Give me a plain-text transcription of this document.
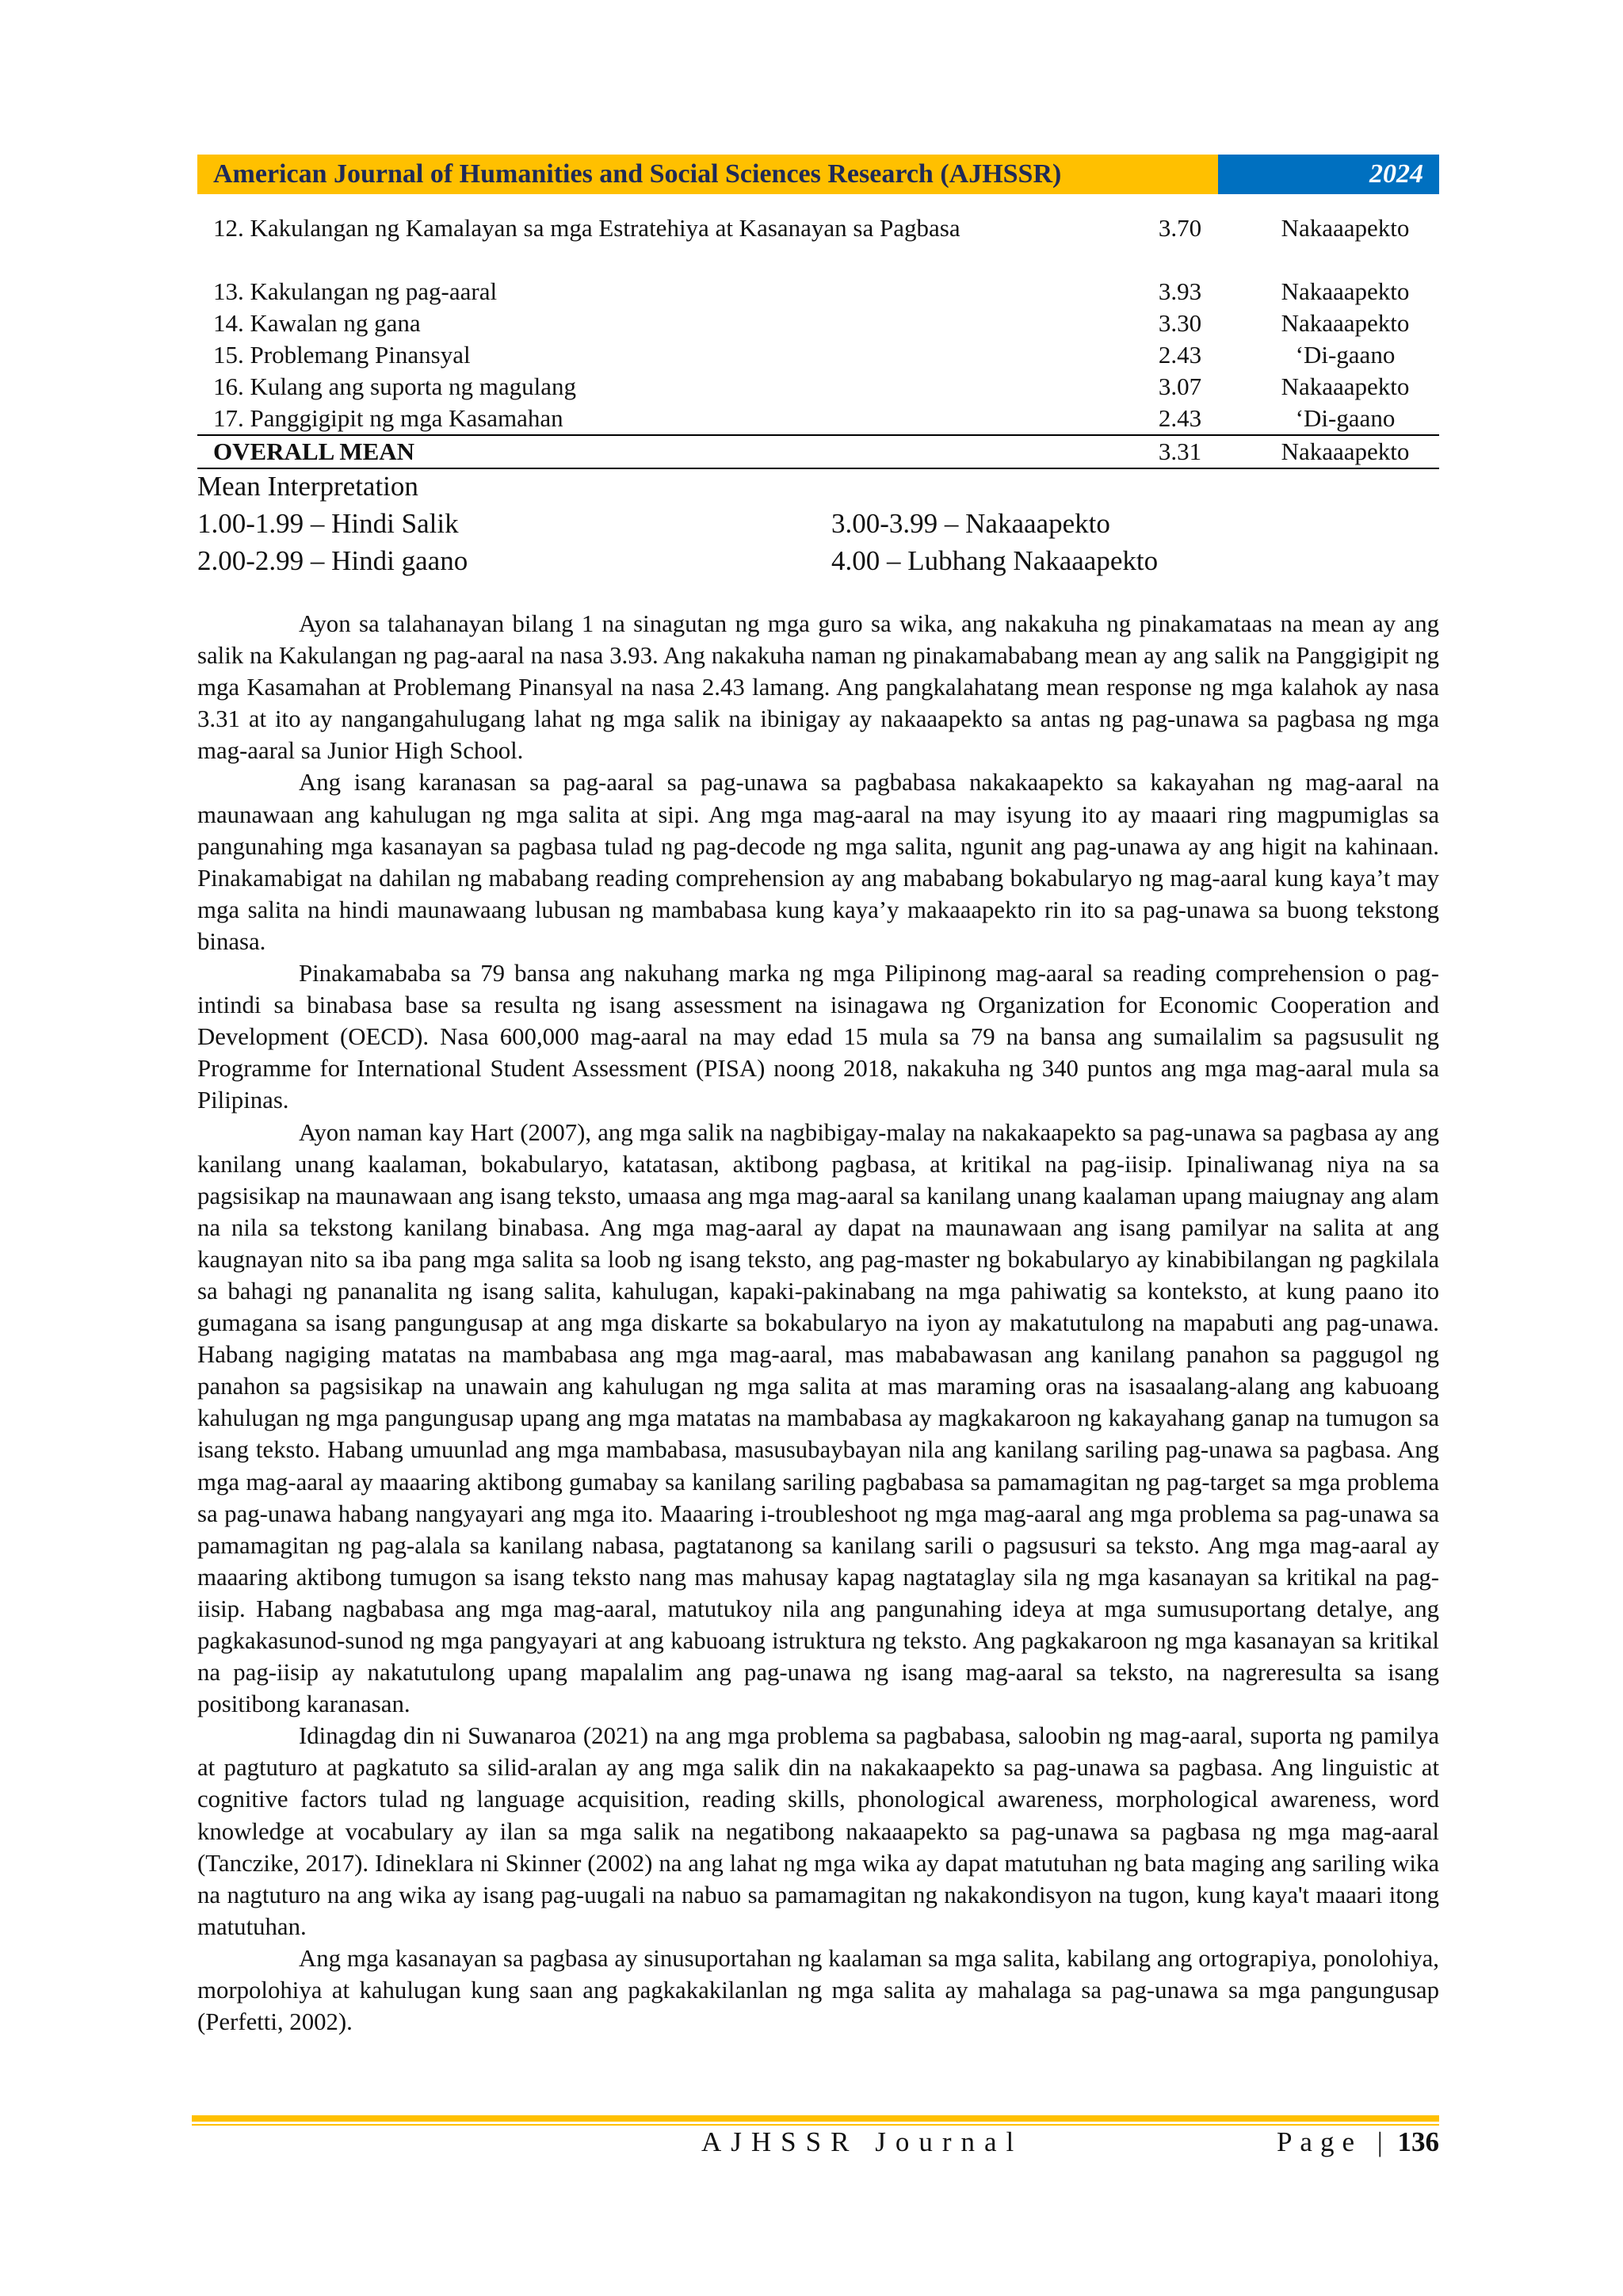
American Journal of Humanities and Social Sciences Research (AJHSSR)	2024
12. Kakulangan ng Kamalayan sa mga Estratehiya at Kasanayan sa Pagbasa	3.70	Nakaaapekto
13. Kakulangan ng pag-aaral	3.93	Nakaaapekto
14. Kawalan ng gana	3.30	Nakaaapekto
15. Problemang Pinansyal	2.43	‘Di-gaano
16. Kulang ang suporta ng magulang	3.07	Nakaaapekto
17. Panggigipit ng mga Kasamahan	2.43	‘Di-gaano
OVERALL MEAN	3.31	Nakaaapekto
Mean Interpretation
1.00-1.99 – Hindi Salik	3.00-3.99 – Nakaaapekto
2.00-2.99 – Hindi gaano	4.00 – Lubhang Nakaaapekto

Ayon sa talahanayan bilang 1 na sinagutan ng mga guro sa wika, ang nakakuha ng pinakamataas na mean ay ang salik na Kakulangan ng pag-aaral na nasa 3.93. Ang nakakuha naman ng pinakamababang mean ay ang salik na Panggigipit ng mga Kasamahan at Problemang Pinansyal na nasa 2.43 lamang. Ang pangkalahatang mean response ng mga kalahok ay nasa 3.31 at ito ay nangangahulugang lahat ng mga salik na ibinigay ay nakaaapekto sa antas ng pag-unawa sa pagbasa ng mga mag-aaral sa Junior High School.

Ang isang karanasan sa pag-aaral sa pag-unawa sa pagbabasa nakakaapekto sa kakayahan ng mag-aaral na maunawaan ang kahulugan ng mga salita at sipi. Ang mga mag-aaral na may isyung ito ay maaari ring magpumiglas sa pangunahing mga kasanayan sa pagbasa tulad ng pag-decode ng mga salita, ngunit ang pag-unawa ay ang higit na kahinaan. Pinakamabigat na dahilan ng mababang reading comprehension ay ang mababang bokabularyo ng mag-aaral kung kaya’t may mga salita na hindi maunawaang lubusan ng mambabasa kung kaya’y makaaapekto rin ito sa pag-unawa sa buong tekstong binasa.

Pinakamababa sa 79 bansa ang nakuhang marka ng mga Pilipinong mag-aaral sa reading comprehension o pag-intindi sa binabasa base sa resulta ng isang assessment na isinagawa ng Organization for Economic Cooperation and Development (OECD). Nasa 600,000 mag-aaral na may edad 15 mula sa 79 na bansa ang sumailalim sa pagsusulit ng Programme for International Student Assessment (PISA) noong 2018, nakakuha ng 340 puntos ang mga mag-aaral mula sa Pilipinas.

Ayon naman kay Hart (2007), ang mga salik na nagbibigay-malay na nakakaapekto sa pag-unawa sa pagbasa ay ang kanilang unang kaalaman, bokabularyo, katatasan, aktibong pagbasa, at kritikal na pag-iisip. Ipinaliwanag niya na sa pagsisikap na maunawaan ang isang teksto, umaasa ang mga mag-aaral sa kanilang unang kaalaman upang maiugnay ang alam na nila sa tekstong kanilang binabasa. Ang mga mag-aaral ay dapat na maunawaan ang isang pamilyar na salita at ang kaugnayan nito sa iba pang mga salita sa loob ng isang teksto, ang pag-master ng bokabularyo ay kinabibilangan ng pagkilala sa bahagi ng pananalita ng isang salita, kahulugan, kapaki-pakinabang na mga pahiwatig sa konteksto, at kung paano ito gumagana sa isang pangungusap at ang mga diskarte sa bokabularyo na iyon ay makatutulong na mapabuti ang pag-unawa. Habang nagiging matatas na mambabasa ang mga mag-aaral, mas mababawasan ang kanilang panahon sa paggugol ng panahon sa pagsisikap na unawain ang kahulugan ng mga salita at mas maraming oras na isasaalang-alang ang kabuoang kahulugan ng mga pangungusap upang ang mga matatas na mambabasa ay magkakaroon ng kakayahang ganap na tumugon sa isang teksto. Habang umuunlad ang mga mambabasa, masusubaybayan nila ang kanilang sariling pag-unawa sa pagbasa. Ang mga mag-aaral ay maaaring aktibong gumabay sa kanilang sariling pagbabasa sa pamamagitan ng pag-target sa mga problema sa pag-unawa habang nangyayari ang mga ito. Maaaring i-troubleshoot ng mga mag-aaral ang mga problema sa pag-unawa sa pamamagitan ng pag-alala sa kanilang nabasa, pagtatanong sa kanilang sarili o pagsusuri sa teksto. Ang mga mag-aaral ay maaaring aktibong tumugon sa isang teksto nang mas mahusay kapag nagtataglay sila ng mga kasanayan sa kritikal na pag-iisip. Habang nagbabasa ang mga mag-aaral, matutukoy nila ang pangunahing ideya at mga sumusuportang detalye, ang pagkakasunod-sunod ng mga pangyayari at ang kabuoang istruktura ng teksto. Ang pagkakaroon ng mga kasanayan sa kritikal na pag-iisip ay nakatutulong upang mapalalim ang pag-unawa ng isang mag-aaral sa teksto, na nagreresulta sa isang positibong karanasan.

Idinagdag din ni Suwanaroa (2021) na ang mga problema sa pagbabasa, saloobin ng mag-aaral, suporta ng pamilya at pagtuturo at pagkatuto sa silid-aralan ay ang mga salik din na nakakaapekto sa pag-unawa sa pagbasa. Ang linguistic at cognitive factors tulad ng language acquisition, reading skills, phonological awareness, morphological awareness, word knowledge at vocabulary ay ilan sa mga salik na negatibong nakaaapekto sa pag-unawa sa pagbasa ng mga mag-aaral (Tanczike, 2017). Idineklara ni Skinner (2002) na ang lahat ng mga wika ay dapat matutuhan ng bata maging ang sariling wika na nagtuturo na ang wika ay isang pag-uugali na nabuo sa pamamagitan ng nakakondisyon na tugon, kung kaya't maaari itong matutuhan.

Ang mga kasanayan sa pagbasa ay sinusuportahan ng kaalaman sa mga salita, kabilang ang ortograpiya, ponolohiya, morpolohiya at kahulugan kung saan ang pagkakakilanlan ng mga salita ay mahalaga sa pag-unawa sa mga pangungusap (Perfetti, 2002).

AJHSSR Journal	Page | 136
